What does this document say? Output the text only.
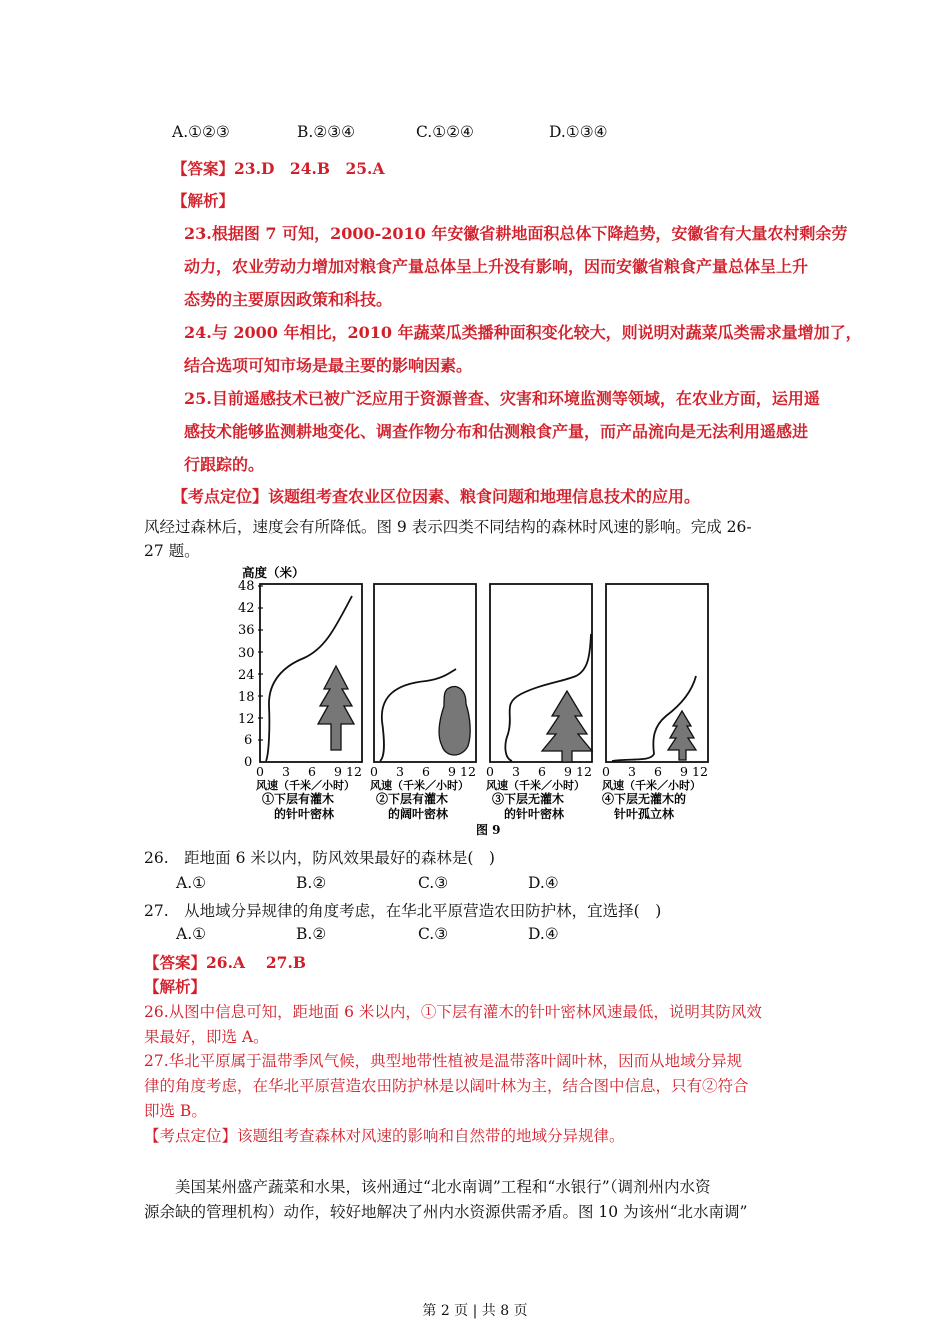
A.①②③	B.②③④	C.①②④	D.①③④
【答案】23.D　24.B　25.A
【解析】
23.根据图 7 可知，2000-2010 年安徽省耕地面积总体下降趋势，安徽省有大量农村剩余劳
动力，农业劳动力增加对粮食产量总体呈上升没有影响，因而安徽省粮食产量总体呈上升
态势的主要原因政策和科技。
24.与 2000 年相比，2010 年蔬菜瓜类播种面积变化较大，则说明对蔬菜瓜类需求量增加了，
结合选项可知市场是最主要的影响因素。
25.目前遥感技术已被广泛应用于资源普查、灾害和环境监测等领域，在农业方面，运用遥
感技术能够监测耕地变化、调查作物分布和估测粮食产量，而产品流向是无法利用遥感进
行跟踪的。
【考点定位】该题组考查农业区位因素、粮食问题和地理信息技术的应用。
风经过森林后，速度会有所降低。图 9 表示四类不同结构的森林时风速的影响。完成 26-
27 题。
高度（米）
48
42
36
30
24
18
12
6
0
0 3 6 9 12 0 3 6 9 12 0 3 6 9 12 0 3 6 9 12
风速（千米／小时） 风速（千米／小时） 风速（千米／小时） 风速（千米／小时）
①下层有灌木
的针叶密林
②下层有灌木
的阔叶密林
③下层无灌木
的针叶密林
④下层无灌木的
针叶孤立林
图 9
26.　距地面 6 米以内，防风效果最好的森林是(　)
A.①	B.②	C.③	D.④
27.　从地域分异规律的角度考虑，在华北平原营造农田防护林，宜选择(　)
A.①	B.②	C.③	D.④
【答案】26.A　 27.B
【解析】
26.从图中信息可知，距地面 6 米以内，①下层有灌木的针叶密林风速最低，说明其防风效
果最好，即选 A。
27.华北平原属于温带季风气候，典型地带性植被是温带落叶阔叶林，因而从地域分异规
律的角度考虑，在华北平原营造农田防护林是以阔叶林为主，结合图中信息，只有②符合
即选 B。
【考点定位】该题组考查森林对风速的影响和自然带的地域分异规律。
　　美国某州盛产蔬菜和水果，该州通过“北水南调”工程和“水银行”（调剂州内水资
源余缺的管理机构）动作，较好地解决了州内水资源供需矛盾。图 10 为该州“北水南调”
第 2 页 | 共 8 页
